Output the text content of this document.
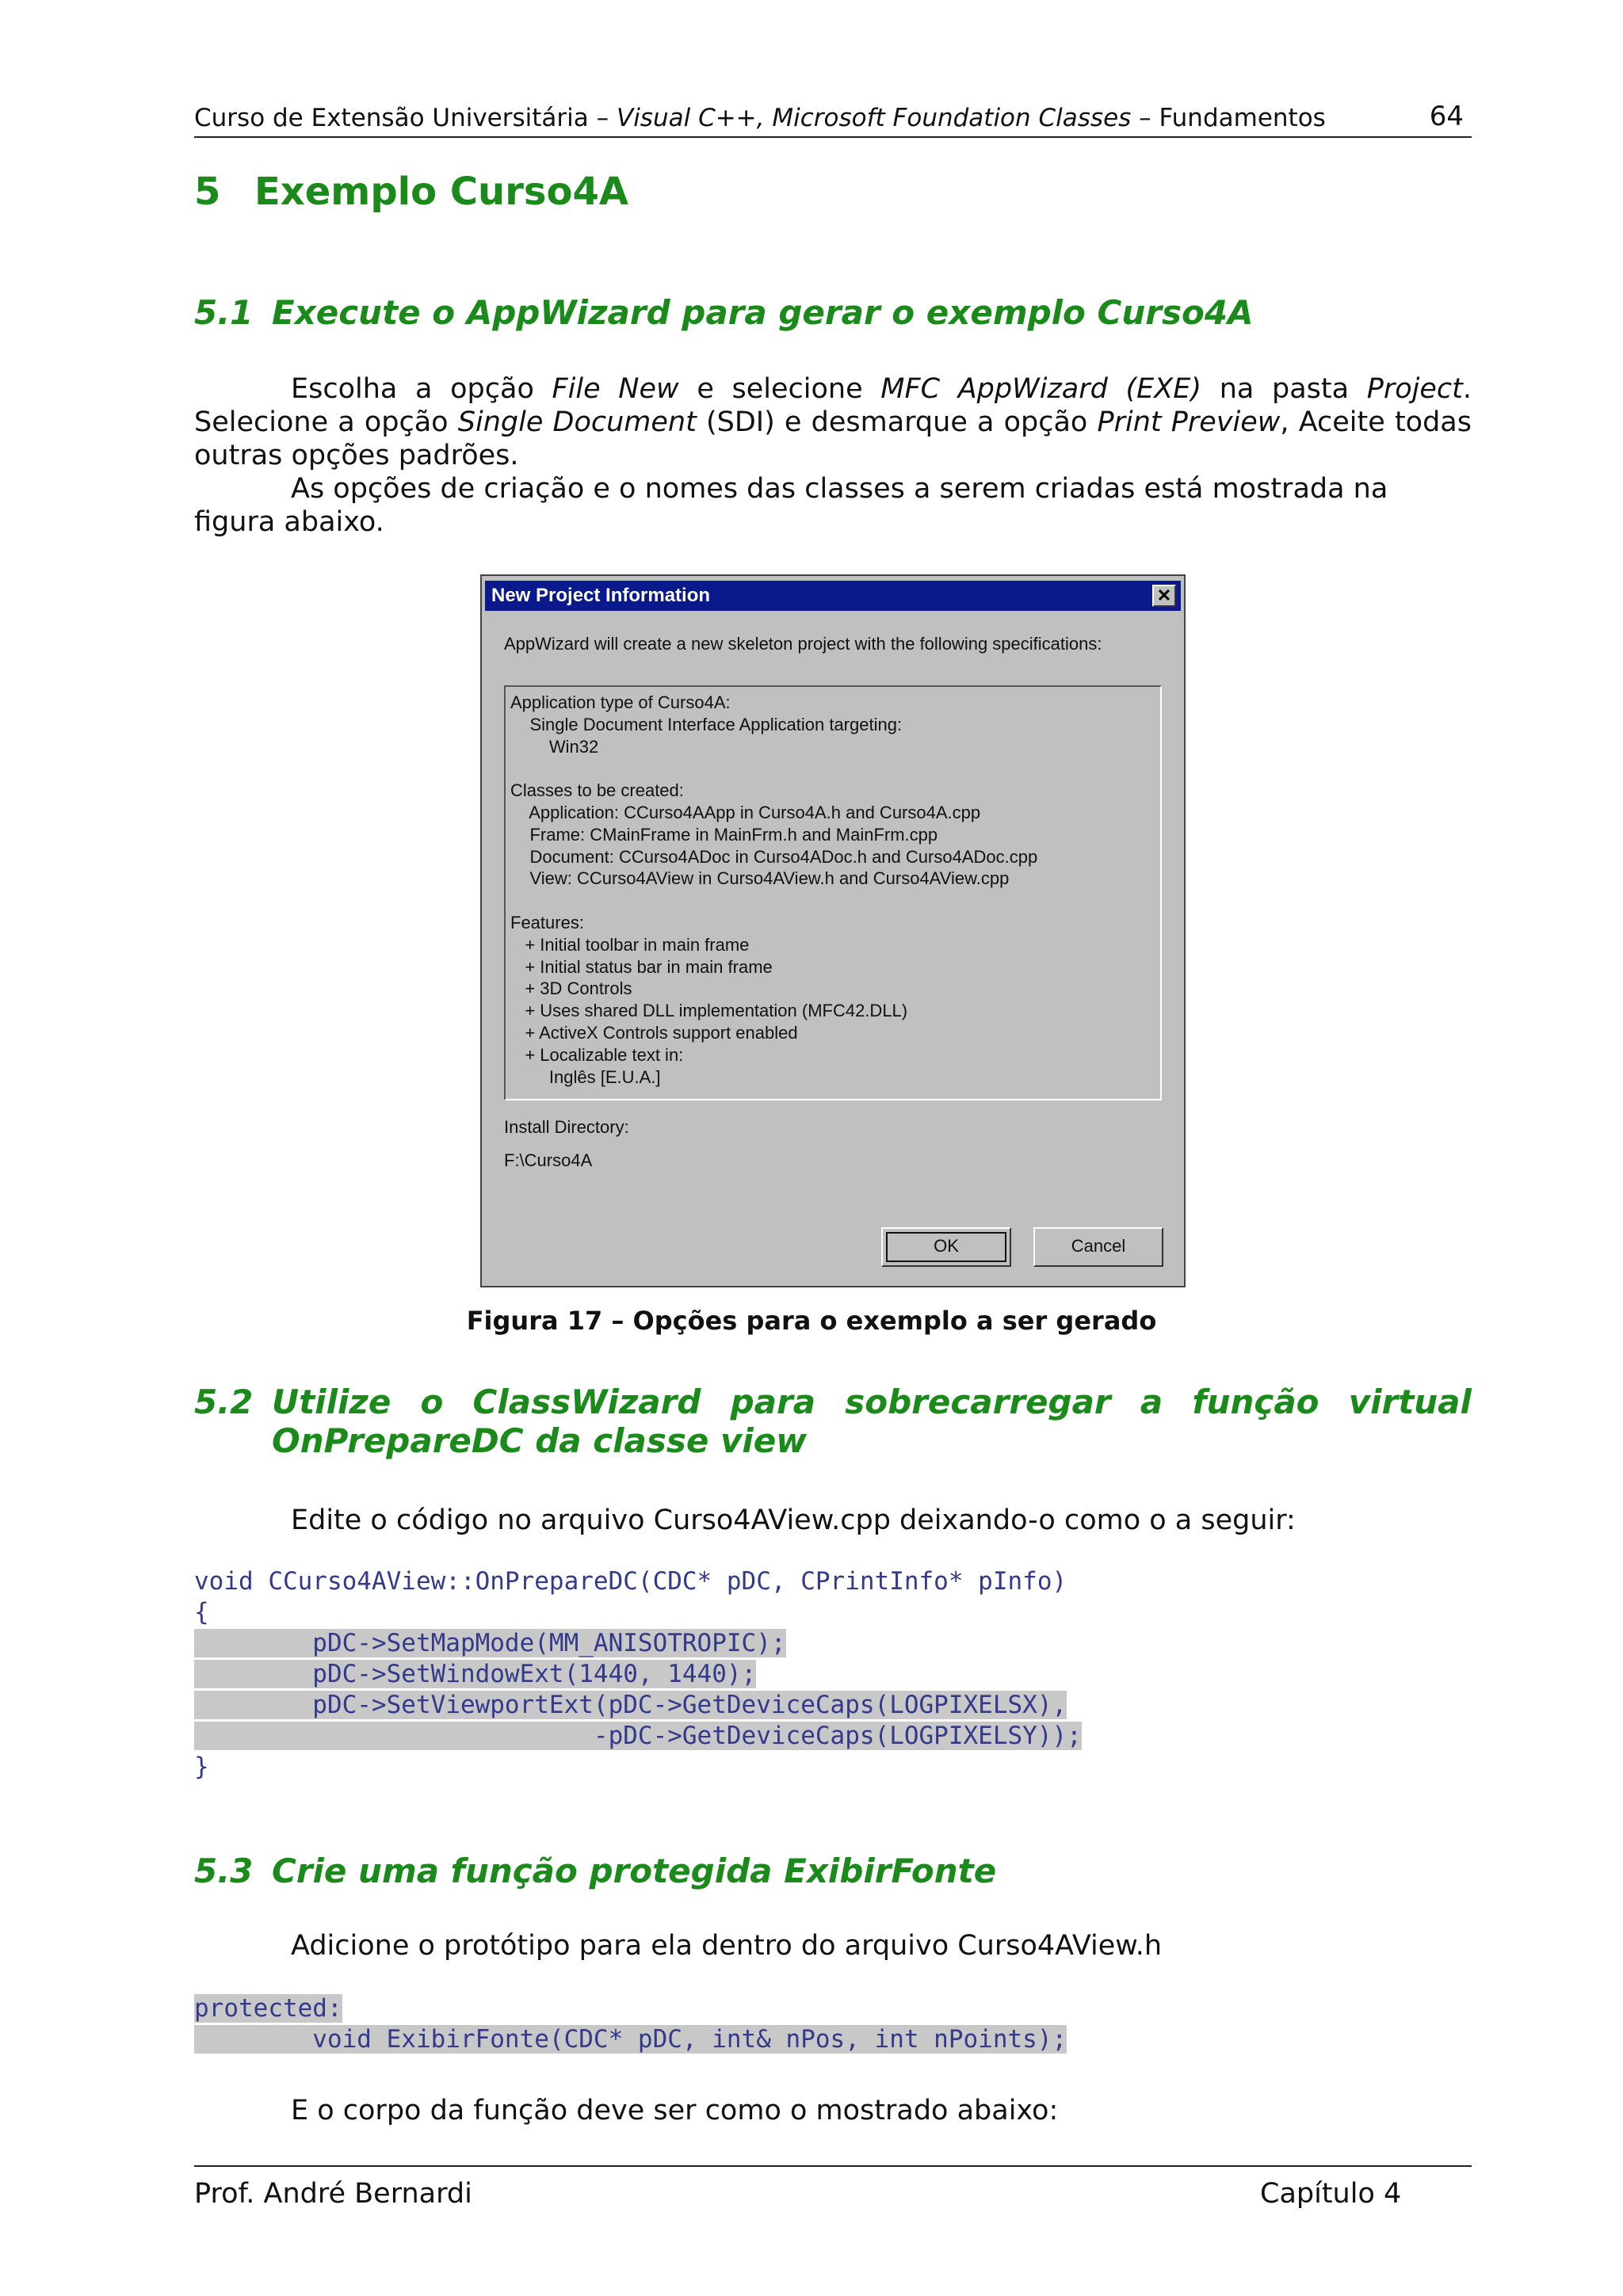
Curso de Extensão Universitária – Visual C++, Microsoft Foundation Classes – Fundamentos	64
5 Exemplo Curso4A
5.1 Execute o AppWizard para gerar o exemplo Curso4A
Escolha a opção File New e selecione MFC AppWizard (EXE) na pasta Project. Selecione a opção Single Document (SDI) e desmarque a opção Print Preview, Aceite todas outras opções padrões.
As opções de criação e o nomes das classes a serem criadas está mostrada na figura abaixo.
New Project Information	✕
AppWizard will create a new skeleton project with the following specifications:
Application type of Curso4A:
Single Document Interface Application targeting:
Win32

Classes to be created:
Application: CCurso4AApp in Curso4A.h and Curso4A.cpp
Frame: CMainFrame in MainFrm.h and MainFrm.cpp
Document: CCurso4ADoc in Curso4ADoc.h and Curso4ADoc.cpp
View: CCurso4AView in Curso4AView.h and Curso4AView.cpp

Features:
+ Initial toolbar in main frame
+ Initial status bar in main frame
+ 3D Controls
+ Uses shared DLL implementation (MFC42.DLL)
+ ActiveX Controls support enabled
+ Localizable text in:
Inglês [E.U.A.]
Install Directory:
F:\Curso4A
OK	Cancel
Figura 17 – Opções para o exemplo a ser gerado
5.2 Utilize o ClassWizard para sobrecarregar a função virtual
OnPrepareDC da classe view
Edite o código no arquivo Curso4AView.cpp deixando-o como o a seguir:
void CCurso4AView::OnPrepareDC(CDC* pDC, CPrintInfo* pInfo)
{
pDC->SetMapMode(MM_ANISOTROPIC);
pDC->SetWindowExt(1440, 1440);
pDC->SetViewportExt(pDC->GetDeviceCaps(LOGPIXELSX),
-pDC->GetDeviceCaps(LOGPIXELSY));
}
5.3 Crie uma função protegida ExibirFonte
Adicione o protótipo para ela dentro do arquivo Curso4AView.h
protected:
void ExibirFonte(CDC* pDC, int& nPos, int nPoints);
E o corpo da função deve ser como o mostrado abaixo:
Prof. André Bernardi	Capítulo 4
